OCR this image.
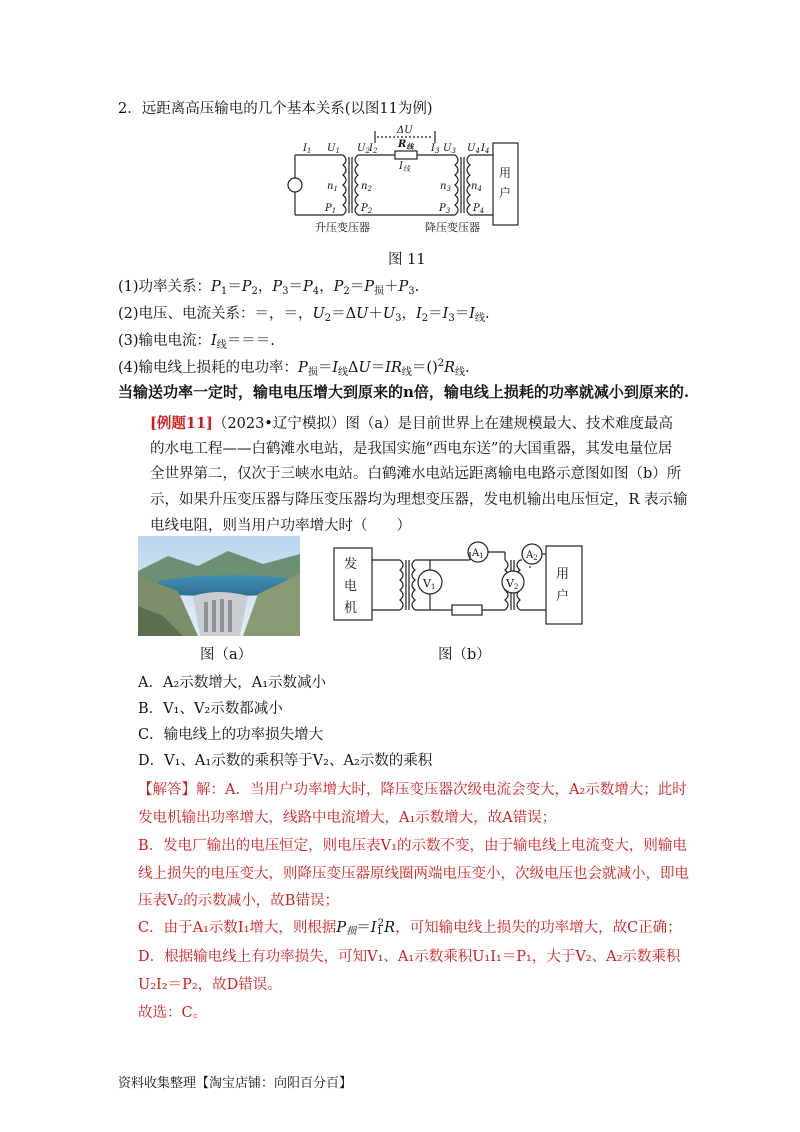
2．远距离高压输电的几个基本关系(以图11为例)
$I_1$ $U_1$ $U_2$ $I_2$
ΔU
$R_线$
$I_线$
$I_3$ $U_3$ $U_4$ $I_4$
$n_1$ $n_2$	$n_3$ $n_4$
$P_1$ $P_2$	$P_3$ $P_4$
用
户
升压变压器	降压变压器
图 11
(1)功率关系：$P_1=P_2$，$P_3=P_4$，$P_2=P_损+P_3$.
(2)电压、电流关系：＝，＝，$U_2=\Delta U+U_3$，$I_2=I_3=I_线$.
(3)输电电流：$I_线===$.
(4)输电线上损耗的电功率：$P_损=I_线\Delta U=IR_线=()^2R_线$.
当输送功率一定时，输电电压增大到原来的n倍，输电线上损耗的功率就减小到原来的.
[例题11]（2023•辽宁模拟）图（a）是目前世界上在建规模最大、技术难度最高
的水电工程——白鹤滩水电站，是我国实施“西电东送”的大国重器，其发电量位居
全世界第二，仅次于三峡水电站。白鹤滩水电站远距离输电电路示意图如图（b）所
示，如果升压变压器与降压变压器均为理想变压器，发电机输出电压恒定，R 表示输
电线电阻，则当用户功率增大时（　　）
图（a）
发
电
机
用
户
V1
$A_1$	$A_2$
V2
图（b）
A．A₂示数增大，A₁示数减小
B．V₁、V₂示数都减小
C．输电线上的功率损失增大
D．V₁、A₁示数的乘积等于V₂、A₂示数的乘积
【解答】解：A．当用户功率增大时，降压变压器次级电流会变大，A₂示数增大；此时
发电机输出功率增大，线路中电流增大，A₁示数增大，故A错误；
B．发电厂输出的电压恒定，则电压表V₁的示数不变，由于输电线上电流变大，则输电
线上损失的电压变大，则降压变压器原线圈两端电压变小，次级电压也会就减小，即电
压表V₂的示数减小，故B错误；
C．由于A₁示数I₁增大，则根据P损$=I1^2R$，可知输电线上损失的功率增大，故C正确；
D．根据输电线上有功率损失，可知V₁、A₁示数乘积U₁I₁＝P₁，大于V₂、A₂示数乘积
U₂I₂＝P₂，故D错误。
故选：C。
资料收集整理【淘宝店铺：向阳百分百】
